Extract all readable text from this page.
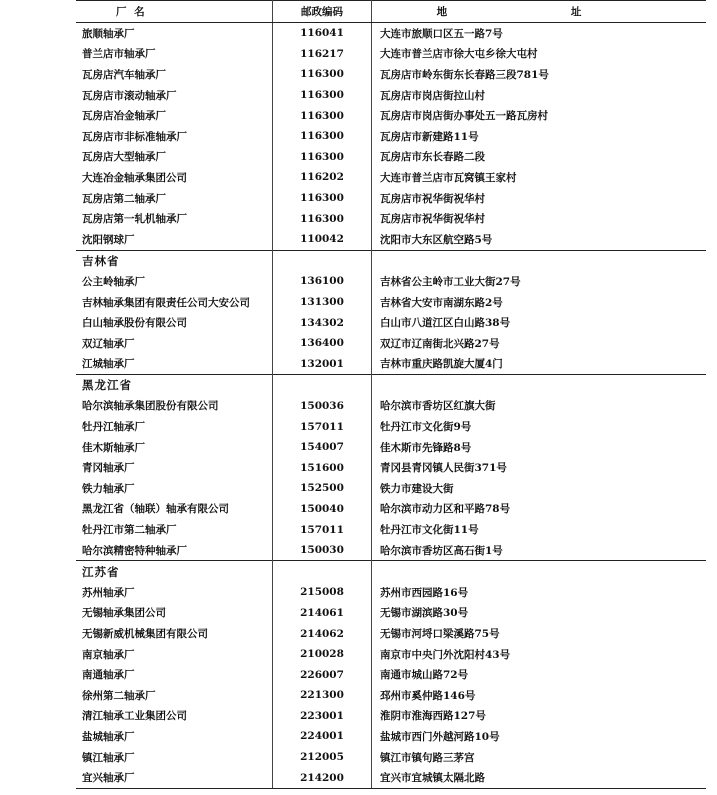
厂 名	邮政编码	地 址
旅顺轴承厂	116041	大连市旅顺口区五一路7号
普兰店市轴承厂	116217	大连市普兰店市徐大屯乡徐大屯村
瓦房店汽车轴承厂	116300	瓦房店市岭东街东长春路三段781号
瓦房店市滚动轴承厂	116300	瓦房店市岗店街拉山村
瓦房店冶金轴承厂	116300	瓦房店市岗店街办事处五一路瓦房村
瓦房店市非标准轴承厂	116300	瓦房店市新建路11号
瓦房店大型轴承厂	116300	瓦房店市东长春路二段
大连冶金轴承集团公司	116202	大连市普兰店市瓦窝镇王家村
瓦房店第二轴承厂	116300	瓦房店市祝华街祝华村
瓦房店第一轧机轴承厂	116300	瓦房店市祝华街祝华村
沈阳钢球厂	110042	沈阳市大东区航空路5号
吉林省		
公主岭轴承厂	136100	吉林省公主岭市工业大街27号
吉林轴承集团有限责任公司大安公司	131300	吉林省大安市南湖东路2号
白山轴承股份有限公司	134302	白山市八道江区白山路38号
双辽轴承厂	136400	双辽市辽南街北兴路27号
江城轴承厂	132001	吉林市重庆路凯旋大厦4门
黑龙江省		
哈尔滨轴承集团股份有限公司	150036	哈尔滨市香坊区红旗大街
牡丹江轴承厂	157011	牡丹江市文化街9号
佳木斯轴承厂	154007	佳木斯市先锋路8号
青冈轴承厂	151600	青冈县青冈镇人民街371号
铁力轴承厂	152500	铁力市建设大街
黑龙江省（轴联）轴承有限公司	150040	哈尔滨市动力区和平路78号
牡丹江市第二轴承厂	157011	牡丹江市文化街11号
哈尔滨精密特种轴承厂	150030	哈尔滨市香坊区高石街1号
江苏省		
苏州轴承厂	215008	苏州市西园路16号
无锡轴承集团公司	214061	无锡市湖滨路30号
无锡新威机械集团有限公司	214062	无锡市河埒口梁溪路75号
南京轴承厂	210028	南京市中央门外沈阳村43号
南通轴承厂	226007	南通市城山路72号
徐州第二轴承厂	221300	邳州市奚仲路146号
清江轴承工业集团公司	223001	淮阴市淮海西路127号
盐城轴承厂	224001	盐城市西门外越河路10号
镇江轴承厂	212005	镇江市镇句路三茅宫
宜兴轴承厂	214200	宜兴市宜城镇太隔北路
